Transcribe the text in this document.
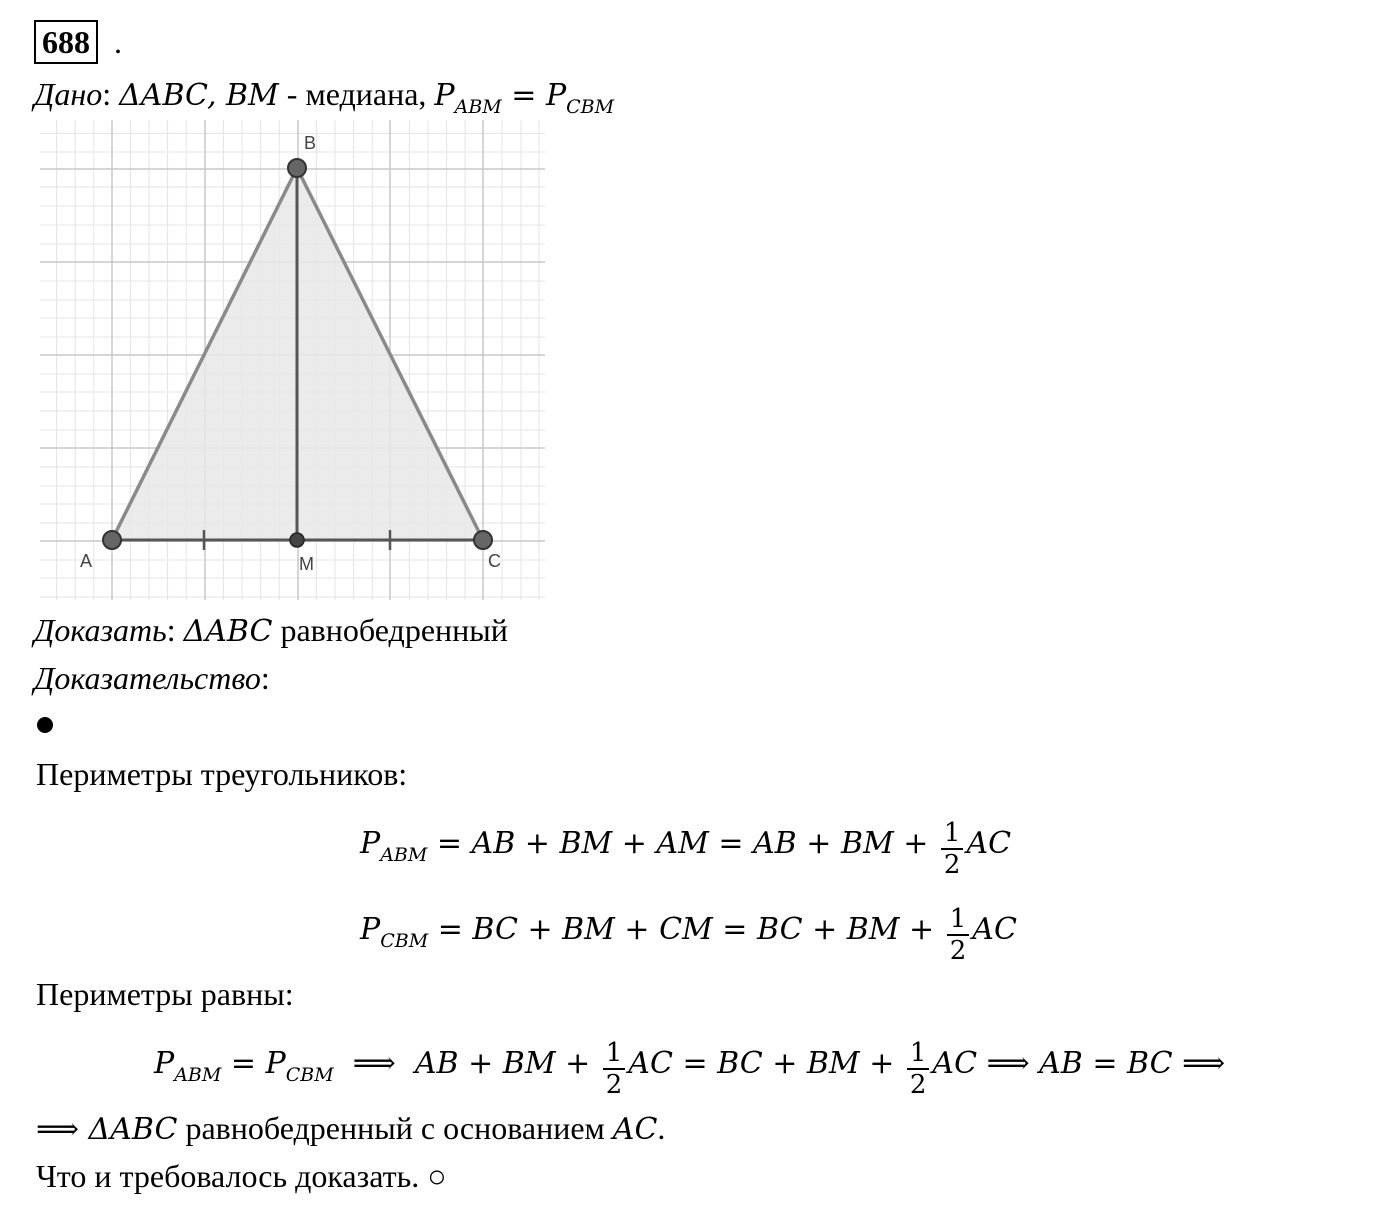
688 .
Дано: ΔABC, BM - медиана, $P_{ABM} = P_{CBM}$
B
A	M	C
Доказать: ΔABC равнобедренный
Доказательство:
Периметры треугольников:
PABM = AB + BM + AM = AB + BM + $\frac{1}{2}$ AC
PCBM = BC + BM + CM = BC + BM + $\frac{1}{2}$ AC
Периметры равны:
PABM = PCBM  ⟹  AB + BM + $\frac{1}{2}$ AC = BC + BM + $\frac{1}{2}$ AC ⟹ AB = BC ⟹
⟹ ΔABC равнобедренный с основанием AC.
Что и требовалось доказать. ○
